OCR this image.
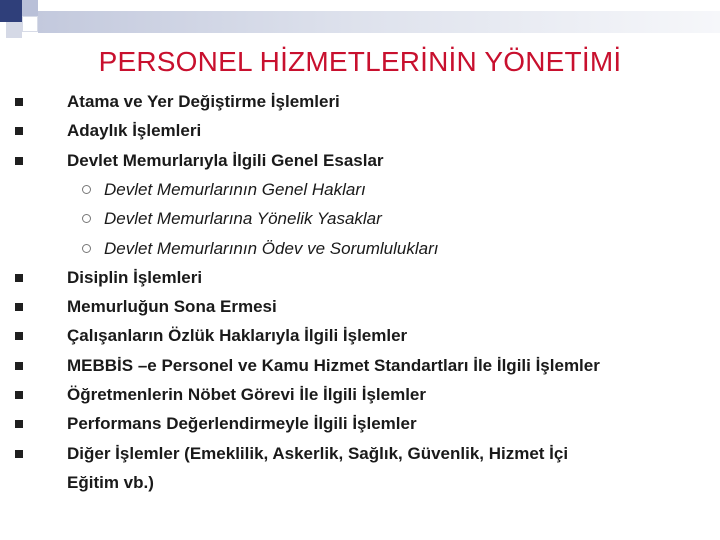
PERSONEL HİZMETLERİNİN YÖNETİMİ
Atama ve Yer Değiştirme İşlemleri
Adaylık İşlemleri
Devlet Memurlarıyla İlgili Genel Esaslar
Devlet Memurlarının Genel Hakları
Devlet Memurlarına Yönelik Yasaklar
Devlet Memurlarının Ödev ve Sorumlulukları
Disiplin İşlemleri
Memurluğun Sona Ermesi
Çalışanların Özlük Haklarıyla İlgili İşlemler
MEBBİS –e Personel ve Kamu Hizmet Standartları İle İlgili İşlemler
Öğretmenlerin Nöbet Görevi İle İlgili İşlemler
Performans Değerlendirmeyle İlgili İşlemler
Diğer İşlemler (Emeklilik, Askerlik, Sağlık, Güvenlik, Hizmet İçi
Eğitim vb.)
